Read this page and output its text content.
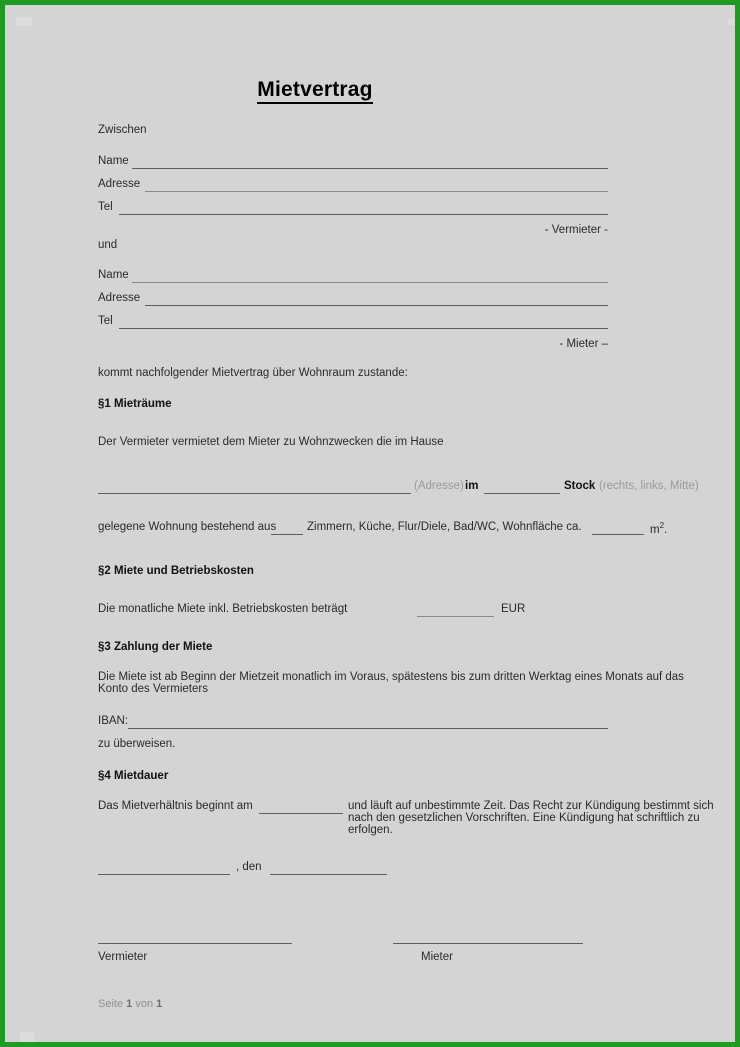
Mietvertrag
Zwischen
Name
Adresse
Tel
- Vermieter -
und
Name
Adresse
Tel
- Mieter –
kommt nachfolgender Mietvertrag über Wohnraum zustande:
§1 Mieträume
Der Vermieter vermietet dem Mieter zu Wohnzwecken die im Hause
(Adresse) im	Stock (rechts, links, Mitte)
gelegene Wohnung bestehend aus	Zimmern, Küche, Flur/Diele, Bad/WC, Wohnfläche ca.	$m^2$.
§2 Miete und Betriebskosten
Die monatliche Miete inkl. Betriebskosten beträgt	EUR
§3 Zahlung der Miete
Die Miete ist ab Beginn der Mietzeit monatlich im Voraus, spätestens bis zum dritten Werktag eines Monats auf das Konto des Vermieters
IBAN:
zu überweisen.
§4 Mietdauer
Das Mietverhältnis beginnt am	und läuft auf unbestimmte Zeit. Das Recht zur Kündigung bestimmt sich nach den gesetzlichen Vorschriften. Eine Kündigung hat schriftlich zu erfolgen.
, den
Vermieter	Mieter
Seite 1 von 1
